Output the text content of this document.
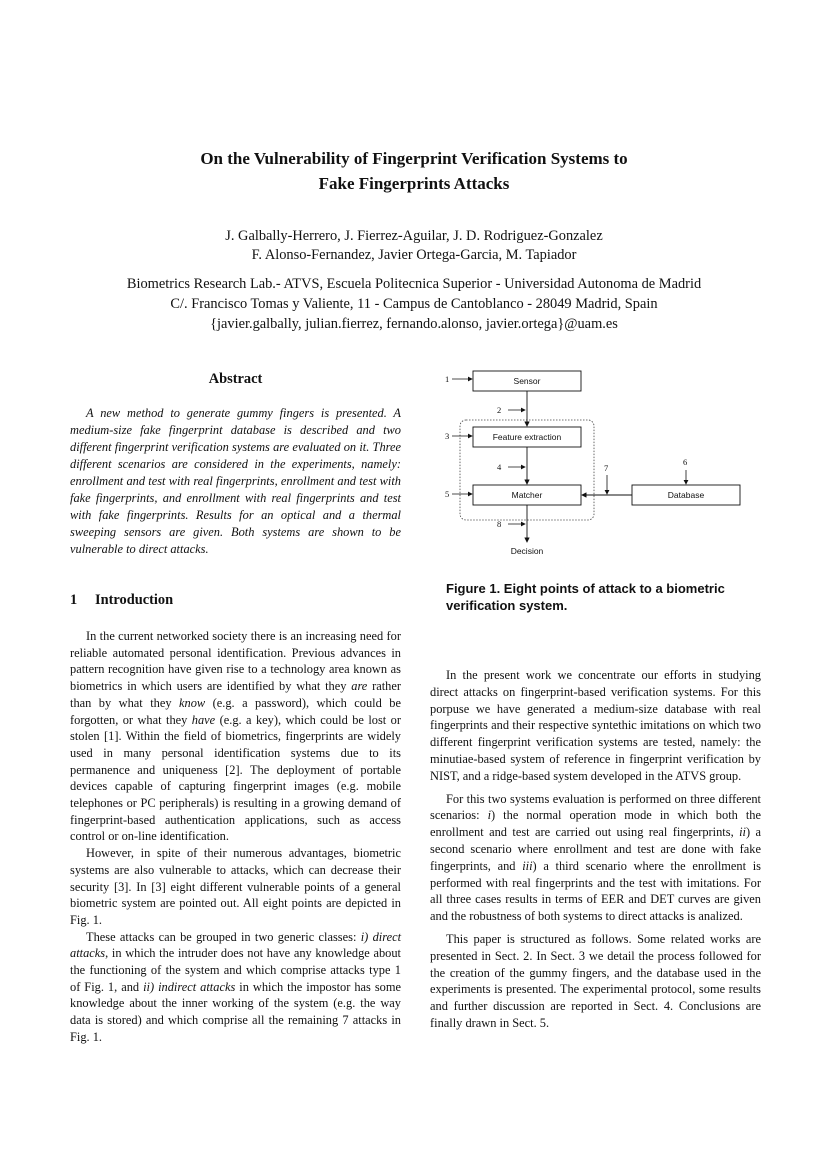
On the Vulnerability of Fingerprint Verification Systems to
Fake Fingerprints Attacks
J. Galbally-Herrero, J. Fierrez-Aguilar, J. D. Rodriguez-Gonzalez
F. Alonso-Fernandez, Javier Ortega-Garcia, M. Tapiador
Biometrics Research Lab.- ATVS, Escuela Politecnica Superior - Universidad Autonoma de Madrid
C/. Francisco Tomas y Valiente, 11 - Campus de Cantoblanco - 28049 Madrid, Spain
{javier.galbally, julian.fierrez, fernando.alonso, javier.ortega}@uam.es
Abstract
A new method to generate gummy fingers is presented. A medium-size fake fingerprint database is described and two different fingerprint verification systems are evaluated on it. Three different scenarios are considered in the experiments, namely: enrollment and test with real fingerprints, enrollment and test with fake fingerprints, and enrollment with real fingerprints and test with fake fingerprints. Results for an optical and a thermal sweeping sensors are given. Both systems are shown to be vulnerable to direct attacks.
1 Introduction

In the current networked society there is an increasing need for reliable automated personal identification. Previous advances in pattern recognition have given rise to a technology area known as biometrics in which users are identified by what they are rather than by what they know (e.g. a password), which could be forgotten, or what they have (e.g. a key), which could be lost or stolen [1]. Within the field of biometrics, fingerprints are widely used in many personal identification systems due to its permanence and uniqueness [2]. The deployment of portable devices capable of capturing fingerprint images (e.g. mobile telephones or PC peripherals) is resulting in a growing demand of fingerprint-based authentication applications, such as access control or on-line identification.

However, in spite of their numerous advantages, biometric systems are also vulnerable to attacks, which can decrease their security [3]. In [3] eight different vulnerable points of a general biometric system are pointed out. All eight points are depicted in Fig. 1.

These attacks can be grouped in two generic classes: i) direct attacks, in which the intruder does not have any knowledge about the functioning of the system and which comprise attacks type 1 of Fig. 1, and ii) indirect attacks in which the impostor has some knowledge about the inner working of the system (e.g. the way data is stored) and which comprise all the remaining 7 attacks in Fig. 1.

Sensor
Feature extraction
Matcher	Database
Decision
1
2
3
4
5
6
7
8
Figure 1. Eight points of attack to a biometric verification system.

In the present work we concentrate our efforts in studying direct attacks on fingerprint-based verification systems. For this porpuse we have generated a medium-size database with real fingerprints and their respective syntethic imitations on which two different fingerprint verification systems are tested, namely: the minutiae-based system of reference in fingerprint verification by NIST, and a ridge-based system developed in the ATVS group.

For this two systems evaluation is performed on three different scenarios: i) the normal operation mode in which both the enrollment and test are carried out using real fingerprints, ii) a second scenario where enrollment and test are done with fake fingerprints, and iii) a third scenario where the enrollment is performed with real fingerprints and the test with imitations. For all three cases results in terms of EER and DET curves are given and the robustness of both systems to direct attacks is analized.

This paper is structured as follows. Some related works are presented in Sect. 2. In Sect. 3 we detail the process followed for the creation of the gummy fingers, and the database used in the experiments is presented. The experimental protocol, some results and further discussion are reported in Sect. 4. Conclusions are finally drawn in Sect. 5.
